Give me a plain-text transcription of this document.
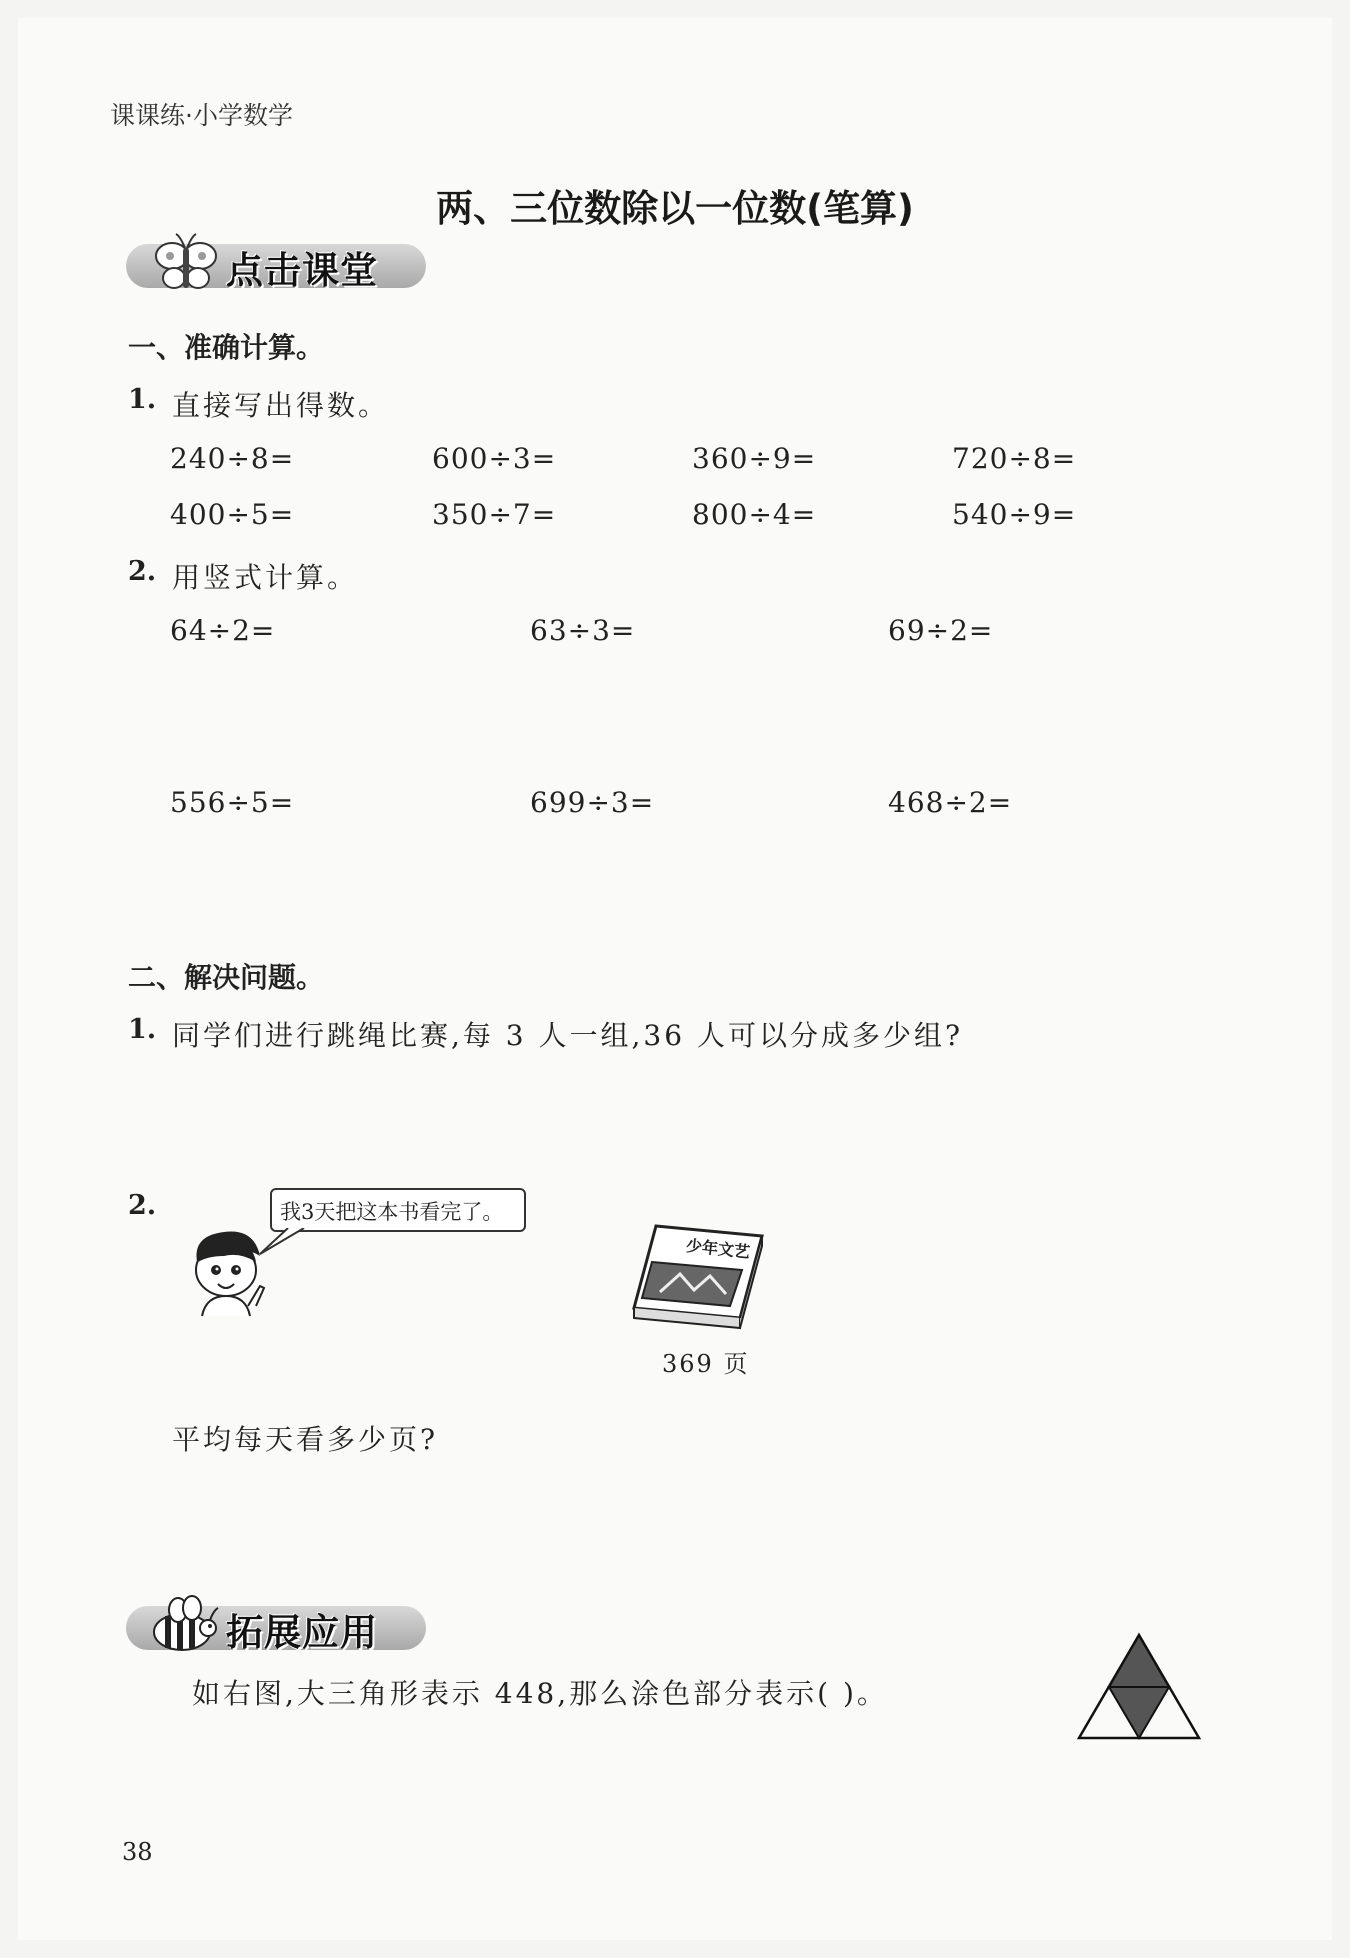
课课练·小学数学
两、三位数除以一位数(笔算)
点击课堂
一、准确计算。
1. 直接写出得数。
240÷8=	600÷3=	360÷9=	720÷8=
400÷5=	350÷7=	800÷4=	540÷9=
2. 用竖式计算。
64÷2=	63÷3=	69÷2=
556÷5=	699÷3=	468÷2=
二、解决问题。
1. 同学们进行跳绳比赛,每 3 人一组,36 人可以分成多少组?
2.	我3天把这本书看完了。
少年文艺
369 页
平均每天看多少页?
拓展应用
如右图,大三角形表示 448,那么涂色部分表示( )。
38
